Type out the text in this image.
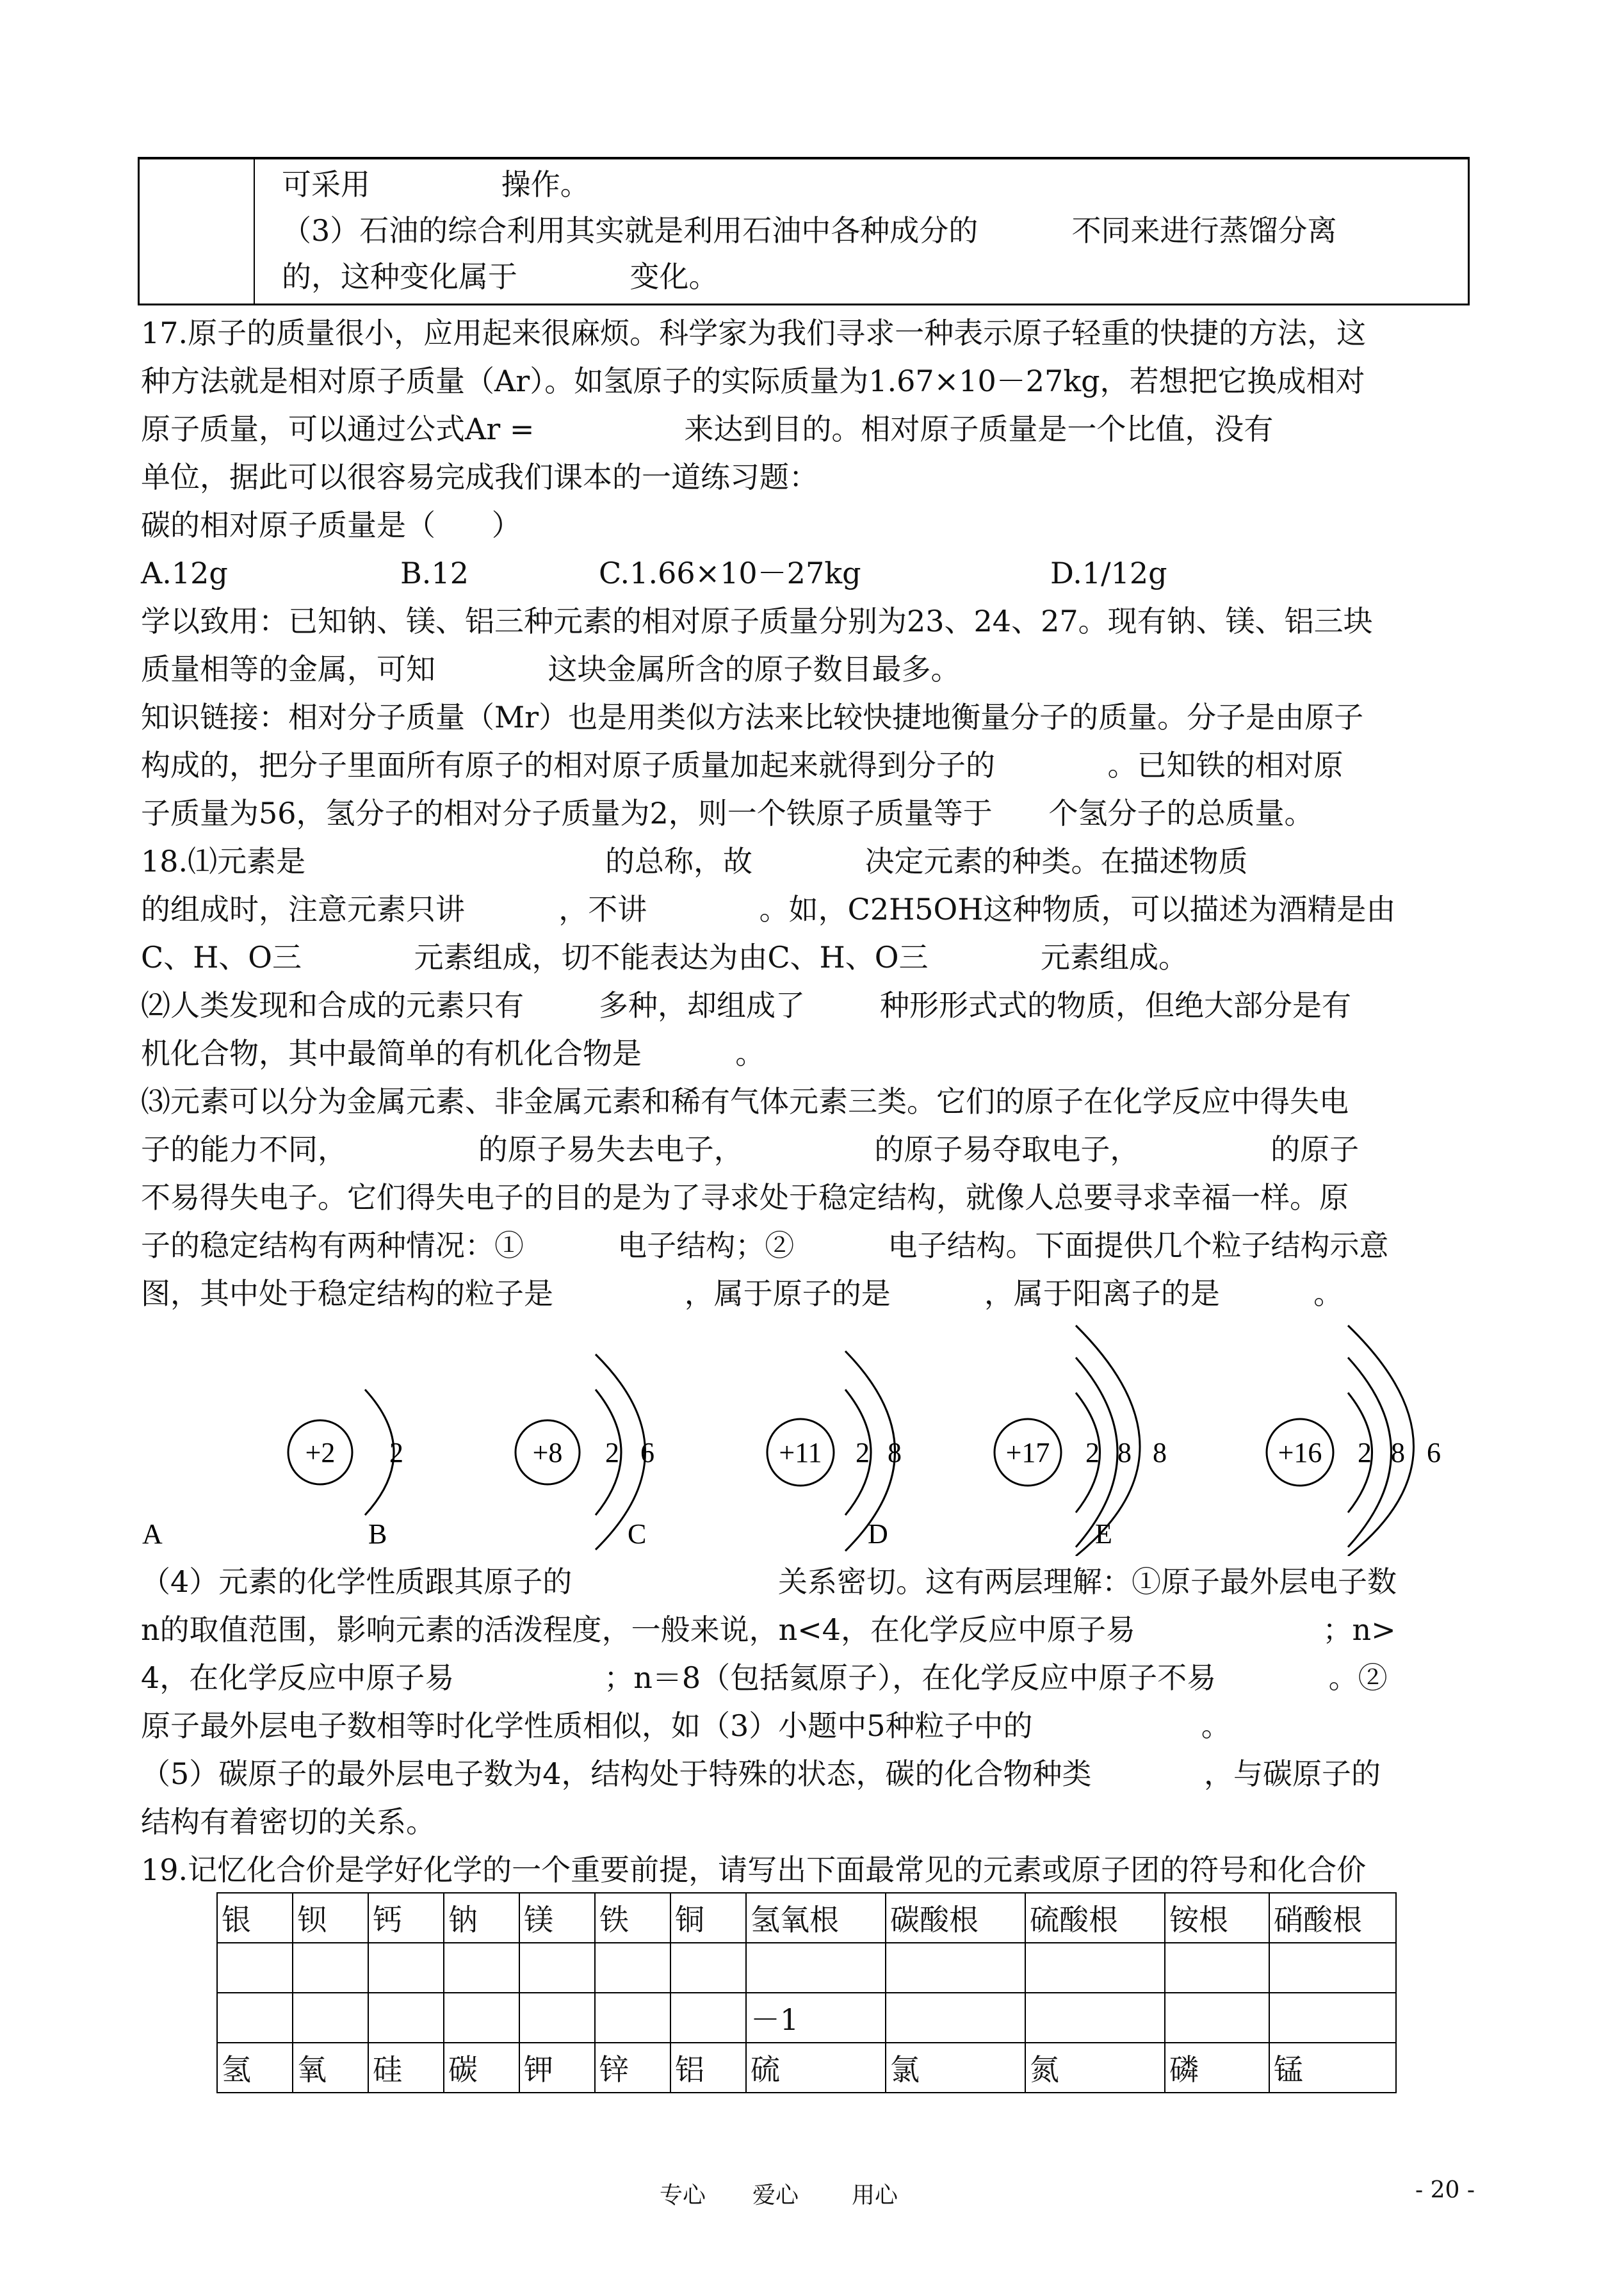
可采用              操作。
（3）石油的综合利用其实就是利用石油中各种成分的          不同来进行蒸馏分离
的，这种变化属于            变化。
17.原子的质量很小，应用起来很麻烦。科学家为我们寻求一种表示原子轻重的快捷的方法，这
种方法就是相对原子质量（Ar）。如氢原子的实际质量为1.67×10－27kg，若想把它换成相对
原子质量，可以通过公式Ar =                来达到目的。相对原子质量是一个比值，没有
单位，据此可以很容易完成我们课本的一道练习题：
碳的相对原子质量是（      ）
A.12g	B.12	C.1.66×10－27kg	D.1/12g
学以致用：已知钠、镁、铝三种元素的相对原子质量分别为23、24、27。现有钠、镁、铝三块
质量相等的金属，可知            这块金属所含的原子数目最多。
知识链接：相对分子质量（Mr）也是用类似方法来比较快捷地衡量分子的质量。分子是由原子
构成的，把分子里面所有原子的相对原子质量加起来就得到分子的            。已知铁的相对原
子质量为56，氢分子的相对分子质量为2，则一个铁原子质量等于      个氢分子的总质量。
18.⑴元素是                                的总称，故            决定元素的种类。在描述物质
的组成时，注意元素只讲          ，不讲            。如，C2H5OH这种物质，可以描述为酒精是由
C、H、O三            元素组成，切不能表达为由C、H、O三            元素组成。
⑵人类发现和合成的元素只有        多种，却组成了        种形形式式的物质，但绝大部分是有
机化合物，其中最简单的有机化合物是          。
⑶元素可以分为金属元素、非金属元素和稀有气体元素三类。它们的原子在化学反应中得失电
子的能力不同，              的原子易失去电子，              的原子易夺取电子，              的原子
不易得失电子。它们得失电子的目的是为了寻求处于稳定结构，就像人总要寻求幸福一样。原
子的稳定结构有两种情况：①          电子结构；②          电子结构。下面提供几个粒子结构示意
图，其中处于稳定结构的粒子是              ，属于原子的是          ，属于阳离子的是          。
+2 2	+8 2 6	+11 2 8	+17 2 8 8	+16 2 8 6
A	B	C	D	E
（4）元素的化学性质跟其原子的                      关系密切。这有两层理解：①原子最外层电子数
n的取值范围，影响元素的活泼程度，一般来说，n<4，在化学反应中原子易                    ；n>
4，在化学反应中原子易                ；n＝8（包括氦原子），在化学反应中原子不易            。②
原子最外层电子数相等时化学性质相似，如（3）小题中5种粒子中的                  。
（5）碳原子的最外层电子数为4，结构处于特殊的状态，碳的化合物种类            ，与碳原子的
结构有着密切的关系。
19.记忆化合价是学好化学的一个重要前提，请写出下面最常见的元素或原子团的符号和化合价
银	钡	钙	钠	镁	铁	铜	氢氧根	碳酸根	硫酸根	铵根	硝酸根

							－1				
氢	氧	硅	碳	钾	锌	铝	硫	氯	氮	磷	锰
专心 爱心 用心	- 20 -
